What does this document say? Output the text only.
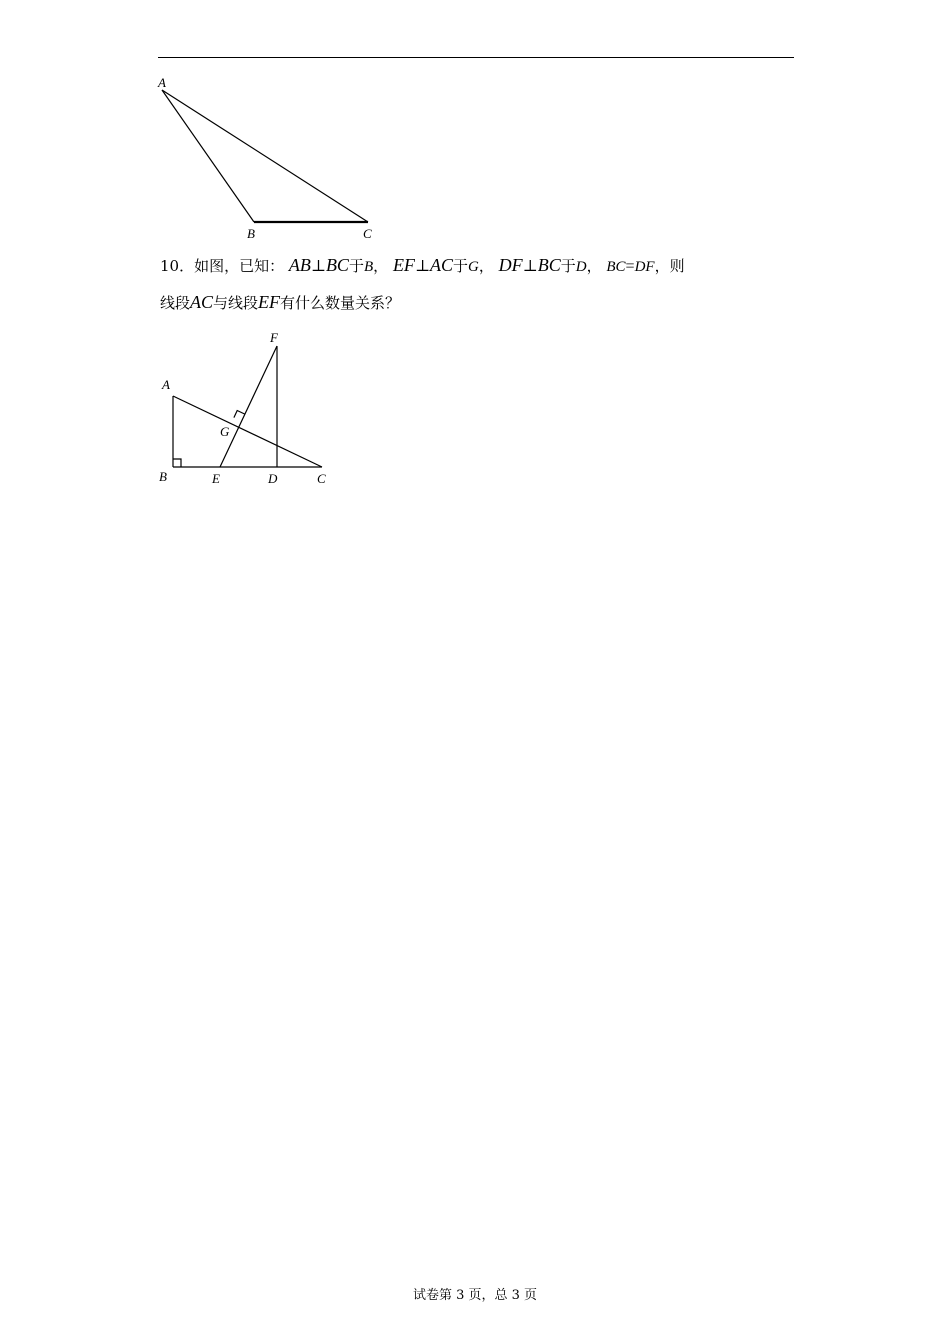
A
B	C
10．如图，已知： AB⊥BC于B， EF⊥AC于G， DF⊥BC于D， BC=DF，则
线段AC与线段EF有什么数量关系？
A
B	E	D	C
F
G
试卷第 3 页，总 3 页
